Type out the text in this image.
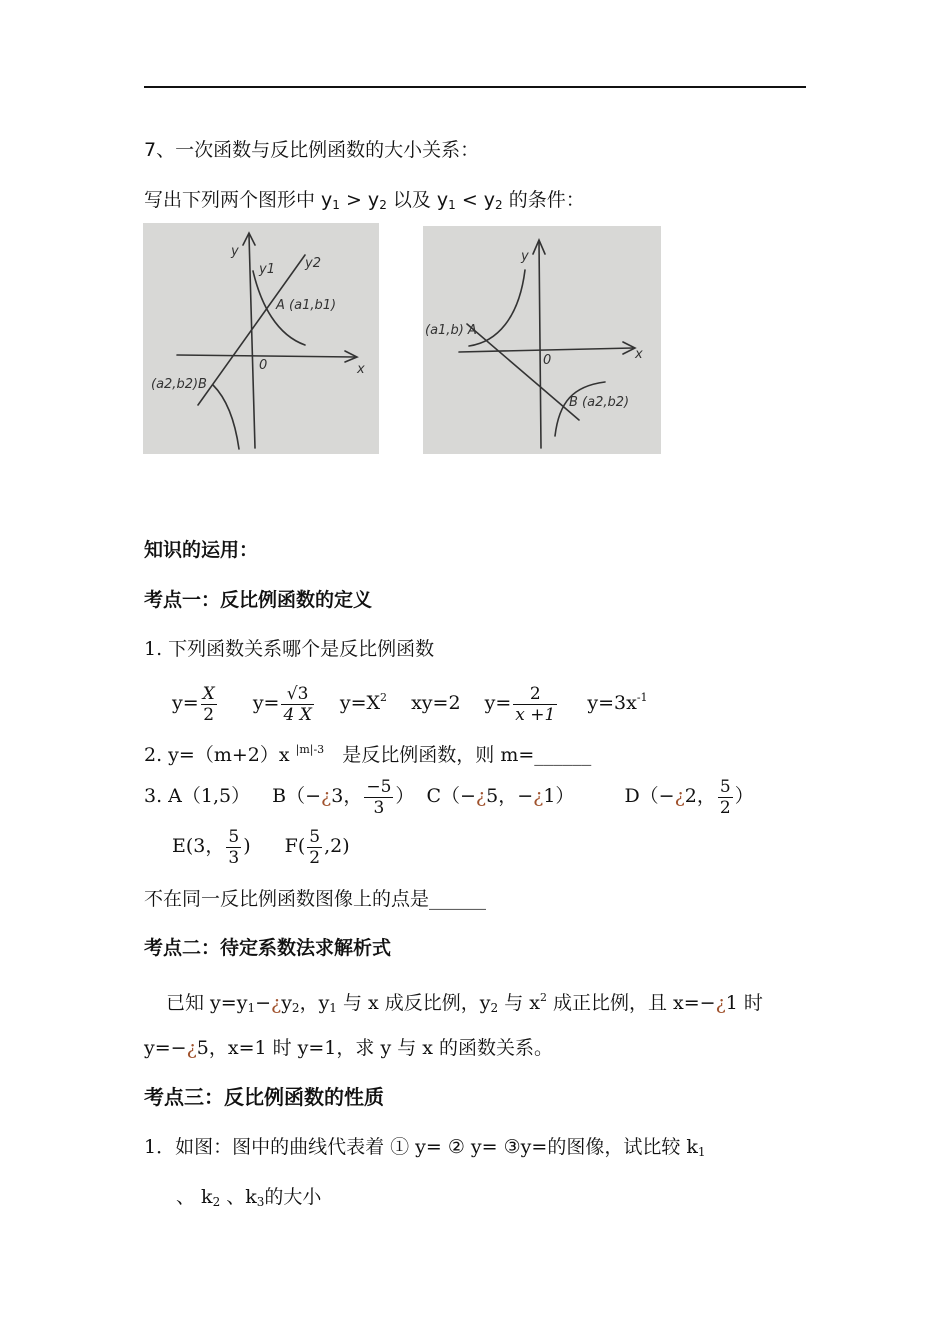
7、一次函数与反比例函数的大小关系：
写出下列两个图形中 $y_1 > y_2$ 以及 $y_1 < y_2$ 的条件：
y
y1 y2
A (a1,b1)
(a2,b2)B
0	x
y
(a1,b) A
B (a2,b2)
0	x
知识的运用：
考点一：反比例函数的定义
1. 下列函数关系哪个是反比例函数
$y= \frac{X}{2} y= \frac{√3}{4 X} y=X^2$ xy=2 $y= \frac{2}{x +1} y=3x^{-1}$
2. y=（m+2）x $^{|m|-3}$ 是反比例函数，则 m=______
3. A（1,5） B（−¿3， $\frac{-5}{3}$ ） C（−¿5，−¿1）	D（−¿2， $\frac{5}{2}$ ）
E(3， $\frac{5}{3}$ ) $F( \frac{5}{2} ,2)$
不在同一反比例函数图像上的点是______
考点二：待定系数法求解析式
已知 $y=y_1-¿y_2$，$y_1$ 与 x 成反比例，$y_2$ 与 $x^2$ 成正比例，且 x=−¿1 时
y=−¿5，x=1 时 y=1，求 y 与 x 的函数关系。
考点三：反比例函数的性质
1．如图：图中的曲线代表着 ① y= ② y= ③y=的图像，试比较 $k_1$
、 $k_2$ 、$k_3$的大小
